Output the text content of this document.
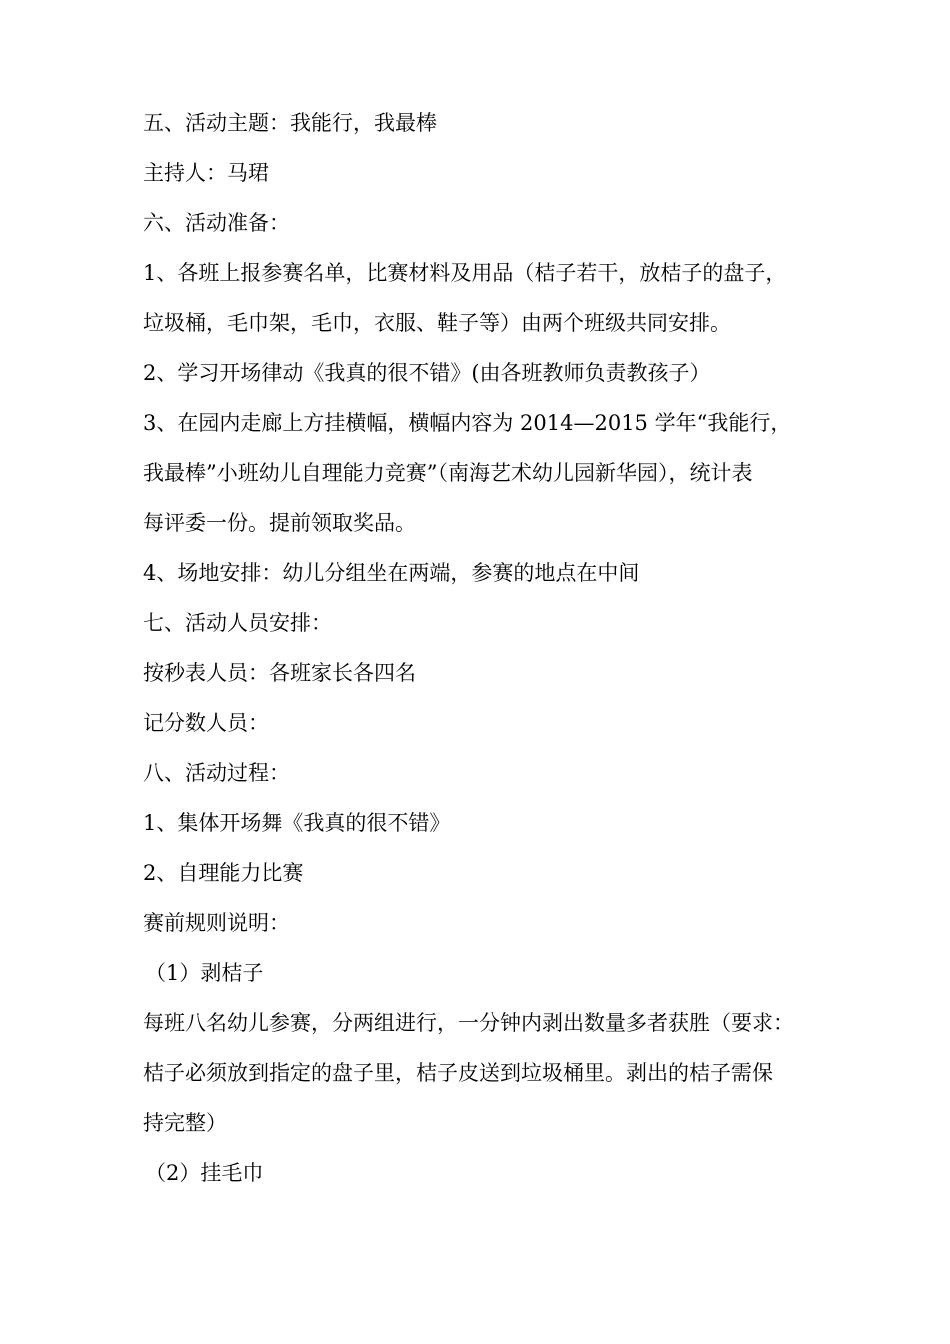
五、活动主题：我能行，我最棒

主持人：马珺

六、活动准备：

1、各班上报参赛名单，比赛材料及用品（桔子若干，放桔子的盘子，

垃圾桶，毛巾架，毛巾，衣服、鞋子等）由两个班级共同安排。

2、学习开场律动《我真的很不错》(由各班教师负责教孩子）

3、在园内走廊上方挂横幅，横幅内容为 2014—2015 学年“我能行，

我最棒”小班幼儿自理能力竞赛”（南海艺术幼儿园新华园），统计表

每评委一份。提前领取奖品。

4、场地安排：幼儿分组坐在两端，参赛的地点在中间

七、活动人员安排：

按秒表人员：各班家长各四名

记分数人员：

八、活动过程：

1、集体开场舞《我真的很不错》

2、自理能力比赛

赛前规则说明：

（1）剥桔子

每班八名幼儿参赛，分两组进行，一分钟内剥出数量多者获胜（要求：

桔子必须放到指定的盘子里，桔子皮送到垃圾桶里。剥出的桔子需保

持完整）

（2）挂毛巾
